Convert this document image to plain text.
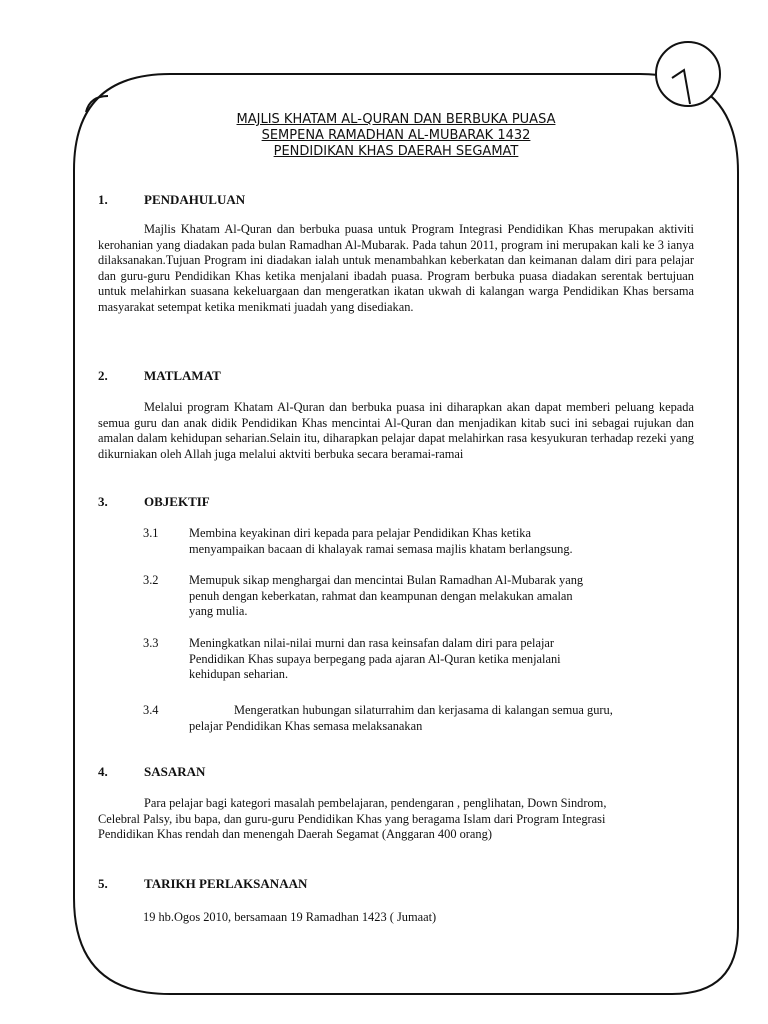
MAJLIS KHATAM AL-QURAN DAN BERBUKA PUASA
SEMPENA RAMADHAN AL-MUBARAK 1432
PENDIDIKAN KHAS DAERAH SEGAMAT
1.	PENDAHULUAN
Majlis Khatam Al-Quran dan berbuka puasa untuk Program Integrasi Pendidikan Khas merupakan aktiviti kerohanian yang diadakan pada bulan Ramadhan Al-Mubarak. Pada tahun 2011, program ini merupakan kali ke 3 ianya dilaksanakan.Tujuan Program ini diadakan ialah untuk menambahkan keberkatan dan keimanan dalam diri para pelajar dan guru-guru Pendidikan Khas ketika menjalani ibadah puasa. Program berbuka puasa diadakan serentak bertujuan untuk melahirkan suasana kekeluargaan dan mengeratkan ikatan ukwah di kalangan warga Pendidikan Khas bersama masyarakat setempat ketika menikmati juadah yang disediakan.
2.	MATLAMAT
Melalui program Khatam Al-Quran dan berbuka puasa ini diharapkan akan dapat memberi peluang kepada semua guru dan anak didik Pendidikan Khas mencintai Al-Quran dan menjadikan kitab suci ini sebagai rujukan dan amalan dalam kehidupan seharian.Selain itu, diharapkan pelajar dapat melahirkan rasa kesyukuran terhadap rezeki yang dikurniakan oleh Allah juga melalui aktviti berbuka secara beramai-ramai
3.	OBJEKTIF
3.1 Membina keyakinan diri kepada para pelajar Pendidikan Khas ketika
menyampaikan bacaan di khalayak ramai semasa majlis khatam berlangsung.
3.2 Memupuk sikap menghargai dan mencintai Bulan Ramadhan Al-Mubarak yang
penuh dengan keberkatan, rahmat dan keampunan dengan melakukan amalan
yang mulia.
3.3 Meningkatkan nilai-nilai murni dan rasa keinsafan dalam diri para pelajar
Pendidikan Khas supaya berpegang pada ajaran Al-Quran ketika menjalani
kehidupan seharian.
3.4	Mengeratkan hubungan silaturrahim dan kerjasama di kalangan semua guru,
pelajar Pendidikan Khas semasa melaksanakan
4.	SASARAN
Para pelajar bagi kategori masalah pembelajaran, pendengaran , penglihatan, Down Sindrom,
Celebral Palsy, ibu bapa, dan guru-guru Pendidikan Khas yang beragama Islam dari Program Integrasi
Pendidikan Khas rendah dan menengah Daerah Segamat (Anggaran 400 orang)
5.	TARIKH PERLAKSANAAN
19 hb.Ogos 2010, bersamaan 19 Ramadhan 1423 ( Jumaat)
